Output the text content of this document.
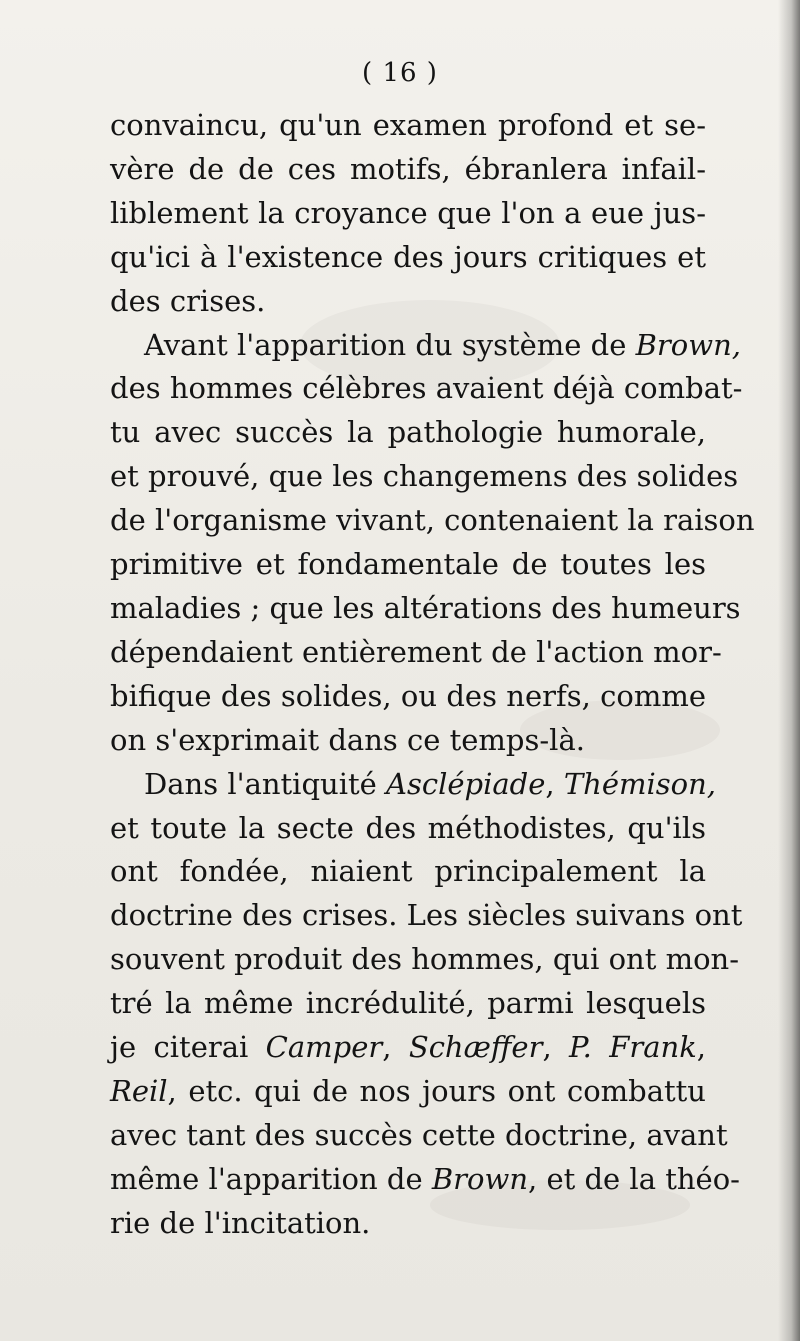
( 16 )
convaincu, qu'un examen profond et se-
vère de de ces motifs, ébranlera infail-
liblement la croyance que l'on a eue jus-
qu'ici à l'existence des jours critiques et
des crises.
Avant l'apparition du système de Brown,
des hommes célèbres avaient déjà combat-
tu avec succès la pathologie humorale,
et prouvé, que les changemens des solides
de l'organisme vivant, contenaient la raison
primitive et fondamentale de toutes les
maladies ; que les altérations des humeurs
dépendaient entièrement de l'action mor-
bifique des solides, ou des nerfs, comme
on s'exprimait dans ce temps-là.
Dans l'antiquité Asclépiade, Thémison,
et toute la secte des méthodistes, qu'ils
ont fondée, niaient principalement la
doctrine des crises. Les siècles suivans ont
souvent produit des hommes, qui ont mon-
tré la même incrédulité, parmi lesquels
je citerai Camper, Schæffer, P. Frank,
Reil, etc. qui de nos jours ont combattu
avec tant des succès cette doctrine, avant
même l'apparition de Brown, et de la théo-
rie de l'incitation.
